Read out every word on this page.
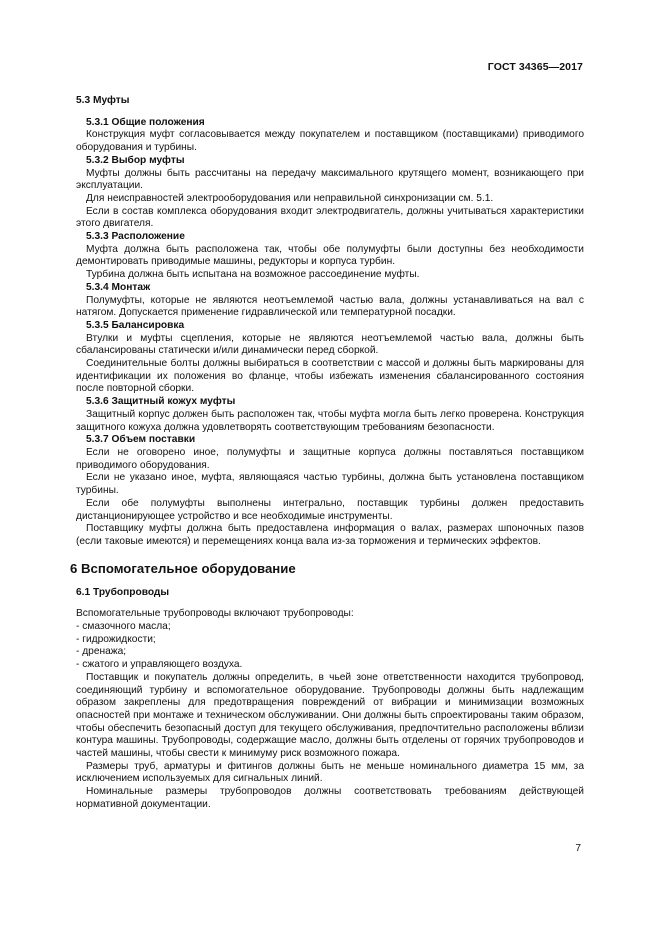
ГОСТ 34365—2017
5.3 Муфты
5.3.1 Общие положения

Конструкция муфт согласовывается между покупателем и поставщиком (поставщиками) приводимого оборудования и турбины.

5.3.2 Выбор муфты

Муфты должны быть рассчитаны на передачу максимального крутящего момент, возникающего при эксплуатации.

Для неисправностей электрооборудования или неправильной синхронизации см. 5.1.

Если в состав комплекса оборудования входит электродвигатель, должны учитываться характеристики этого двигателя.

5.3.3 Расположение

Муфта должна быть расположена так, чтобы обе полумуфты были доступны без необходимости демонтировать приводимые машины, редукторы и корпуса турбин.

Турбина должна быть испытана на возможное рассоединение муфты.

5.3.4 Монтаж

Полумуфты, которые не являются неотъемлемой частью вала, должны устанавливаться на вал с натягом. Допускается применение гидравлической или температурной посадки.

5.3.5 Балансировка

Втулки и муфты сцепления, которые не являются неотъемлемой частью вала, должны быть сбалансированы статически и/или динамически перед сборкой.

Соединительные болты должны выбираться в соответствии с массой и должны быть маркированы для идентификации их положения во фланце, чтобы избежать изменения сбалансированного состояния после повторной сборки.

5.3.6 Защитный кожух муфты

Защитный корпус должен быть расположен так, чтобы муфта могла быть легко проверена. Конструкция защитного кожуха должна удовлетворять соответствующим требованиям безопасности.

5.3.7 Объем поставки

Если не оговорено иное, полумуфты и защитные корпуса должны поставляться поставщиком приводимого оборудования.

Если не указано иное, муфта, являющаяся частью турбины, должна быть установлена поставщиком турбины.

Если обе полумуфты выполнены интегрально, поставщик турбины должен предоставить дистанционирующее устройство и все необходимые инструменты.

Поставщику муфты должна быть предоставлена информация о валах, размерах шпоночных пазов (если таковые имеются) и перемещениях конца вала из-за торможения и термических эффектов.

6 Вспомогательное оборудование
6.1 Трубопроводы

Вспомогательные трубопроводы включают трубопроводы:

- смазочного масла;
- гидрожидкости;
- дренажа;
- сжатого и управляющего воздуха.

Поставщик и покупатель должны определить, в чьей зоне ответственности находится трубопровод, соединяющий турбину и вспомогательное оборудование. Трубопроводы должны быть надлежащим образом закреплены для предотвращения повреждений от вибрации и минимизации возможных опасностей при монтаже и техническом обслуживании. Они должны быть спроектированы таким образом, чтобы обеспечить безопасный доступ для текущего обслуживания, предпочтительно расположены вблизи контура машины. Трубопроводы, содержащие масло, должны быть отделены от горячих трубопроводов и частей машины, чтобы свести к минимуму риск возможного пожара.

Размеры труб, арматуры и фитингов должны быть не меньше номинального диаметра 15 мм, за исключением используемых для сигнальных линий.

Номинальные размеры трубопроводов должны соответствовать требованиям действующей нормативной документации.

7
